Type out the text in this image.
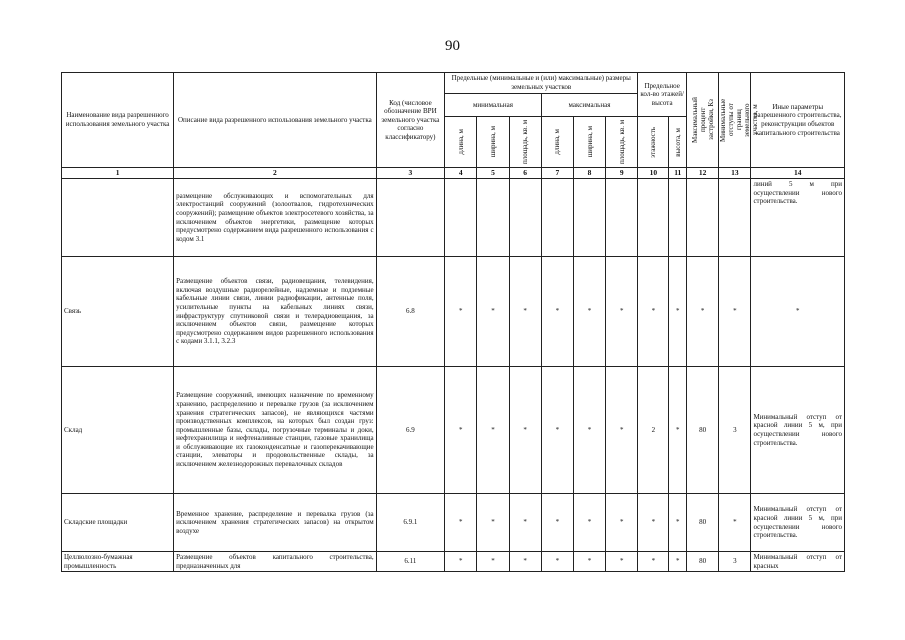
90
Наименование вида разрешенного использования земельного участка	Описание вида разрешенного использования земельного участка	Код (числовое обозначение ВРИ земельного участка согласно классификатору)	Предельные (минимальные и (или) максимальные) размеры земельных участков						Предельное кол-во этажей/ высота		Максимальный процент застройки, Кз	Минимальные отступы от границ земельного участка, м	Иные параметры разрешенного строительства, реконструкции объектов капитального строительства
			минимальная			максимальная							

			длина, м	ширина, м	площадь, кв. м	длина, м	ширина, м	площадь, кв. м	этажность	высота, м			

1	2	3	4	5	6	7	8	9	10	11	12	13	14
	размещение обслуживающих и вспомогательных для электростанций сооружений (золоотвалов, гидротехнических сооружений); размещение объектов электросетевого хозяйства, за исключением объектов энергетики, размещение которых предусмотрено содержанием вида разрешенного использования с кодом 3.1												линий 5 м при осуществлении нового строительства.
Связь	Размещение объектов связи, радиовещания, телевидения, включая воздушные радиорелейные, надземные и подземные кабельные линии связи, линии радиофикации, антенные поля, усилительные пункты на кабельных линиях связи, инфраструктуру спутниковой связи и телерадиовещания, за исключением объектов связи, размещение которых предусмотрено содержанием видов разрешенного использования с кодами 3.1.1, 3.2.3	6.8	*	*	*	*	*	*	*	*	*	*	*
Склад	Размещение сооружений, имеющих назначение по временному хранению, распределению и перевалке грузов (за исключением хранения стратегических запасов), не являющихся частями производственных комплексов, на которых был создан груз: промышленные базы, склады, погрузочные терминалы и доки, нефтехранилища и нефтеналивные станции, газовые хранилища и обслуживающие их газоконденсатные и газоперекачивающие станции, элеваторы и продовольственные склады, за исключением железнодорожных перевалочных складов	6.9	*	*	*	*	*	*	2	*	80	3	Минимальный отступ от красной линии 5 м, при осуществлении нового строительства.
Складские площадки	Временное хранение, распределение и перевалка грузов (за исключением хранения стратегических запасов) на открытом воздухе	6.9.1	*	*	*	*	*	*	*	*	80	*	Минимальный отступ от красной линии 5 м, при осуществлении нового строительства.
Целлюлозно-бумажная промышленность	Размещение объектов капитального строительства, предназначенных для	6.11	*	*	*	*	*	*	*	*	80	3	Минимальный отступ от красных
